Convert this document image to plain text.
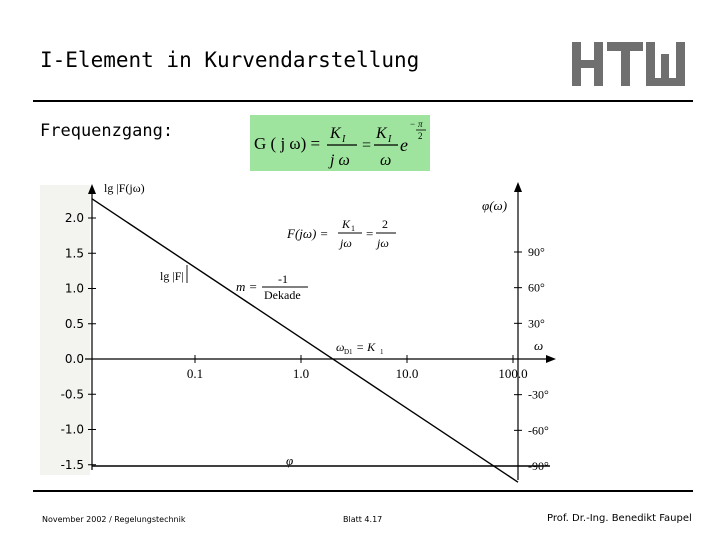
I-Element in Kurvendarstellung
Frequenzgang:
G ( j ω) =
K I
j ω
=
K I
ω
e
− π
2
lg |F(jω)
φ(ω)
ω
2.0
1.5
1.0
0.5
0.0
-0.5
-1.0
-1.5
0.1	1.0	10.0	100.0
90°
60°
30°
-30°
-60°
-90°
F(jω) =
K 1
jω
=
2
jω
lg |F|
m = -1
Dekade
ω D1 = K 1
φ
November 2002 / Regelungstechnik	Blatt 4.17	Prof. Dr.-Ing. Benedikt Faupel
